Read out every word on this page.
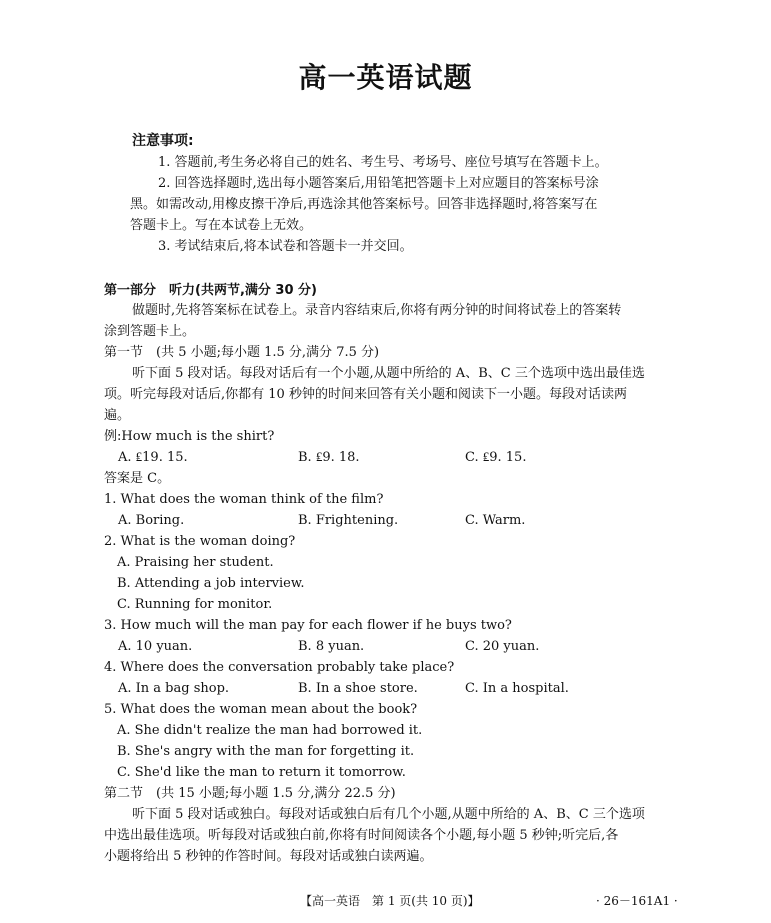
高一英语试题
注意事项:
1. 答题前,考生务必将自己的姓名、考生号、考场号、座位号填写在答题卡上。
2. 回答选择题时,选出每小题答案后,用铅笔把答题卡上对应题目的答案标号涂
黑。如需改动,用橡皮擦干净后,再选涂其他答案标号。回答非选择题时,将答案写在
答题卡上。写在本试卷上无效。
3. 考试结束后,将本试卷和答题卡一并交回。
第一部分　听力(共两节,满分 30 分)
做题时,先将答案标在试卷上。录音内容结束后,你将有两分钟的时间将试卷上的答案转
涂到答题卡上。
第一节　(共 5 小题;每小题 1.5 分,满分 7.5 分)
听下面 5 段对话。每段对话后有一个小题,从题中所给的 A、B、C 三个选项中选出最佳选
项。听完每段对话后,你都有 10 秒钟的时间来回答有关小题和阅读下一小题。每段对话读两
遍。
例:How much is the shirt?
A. ₤19. 15.	B. ₤9. 18.	C. ₤9. 15.
答案是 C。
1. What does the woman think of the film?
A. Boring.	B. Frightening.	C. Warm.
2. What is the woman doing?
A. Praising her student.
B. Attending a job interview.
C. Running for monitor.
3. How much will the man pay for each flower if he buys two?
A. 10 yuan.	B. 8 yuan.	C. 20 yuan.
4. Where does the conversation probably take place?
A. In a bag shop.	B. In a shoe store.	C. In a hospital.
5. What does the woman mean about the book?
A. She didn't realize the man had borrowed it.
B. She's angry with the man for forgetting it.
C. She'd like the man to return it tomorrow.
第二节　(共 15 小题;每小题 1.5 分,满分 22.5 分)
听下面 5 段对话或独白。每段对话或独白后有几个小题,从题中所给的 A、B、C 三个选项
中选出最佳选项。听每段对话或独白前,你将有时间阅读各个小题,每小题 5 秒钟;听完后,各
小题将给出 5 秒钟的作答时间。每段对话或独白读两遍。
【高一英语　第 1 页(共 10 页)】	· 26－161A1 ·
